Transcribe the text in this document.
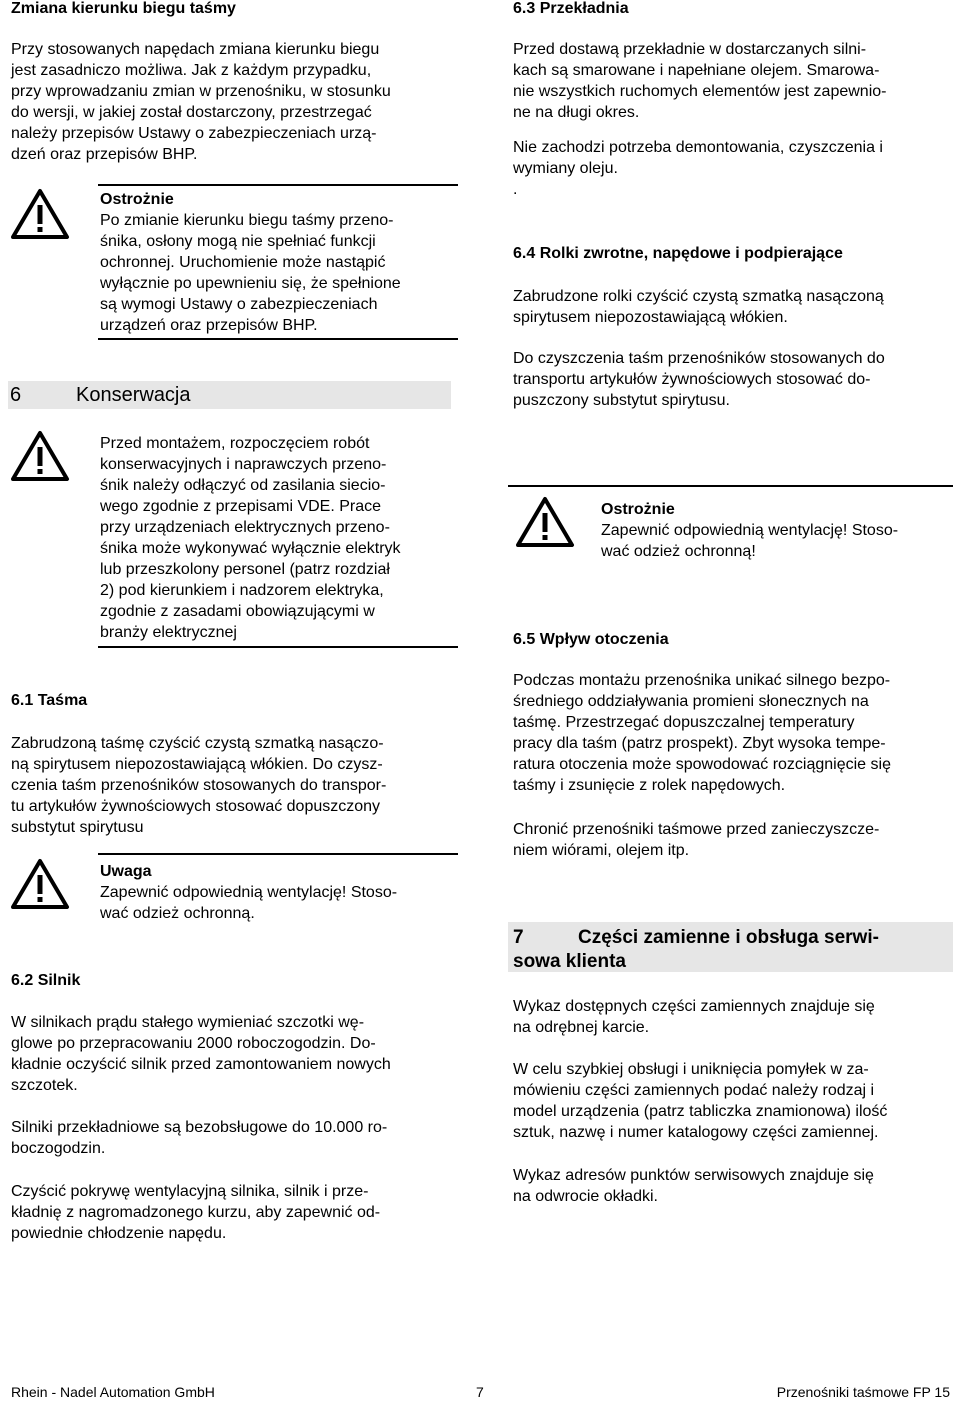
Zmiana kierunku biegu taśmy

Przy stosowanych napędach zmiana kierunku biegu

jest zasadniczo możliwa. Jak z każdym przypadku,

przy wprowadzaniu zmian w przenośniku, w stosunku

do wersji, w jakiej został dostarczony, przestrzegać

należy przepisów Ustawy o zabezpieczeniach urzą-

dzeń oraz przepisów BHP.

Ostrożnie

Po zmianie kierunku biegu taśmy przeno-

śnika, osłony mogą nie spełniać funkcji

ochronnej. Uruchomienie może nastąpić

wyłącznie po upewnieniu się, że spełnione

są wymogi Ustawy o zabezpieczeniach

urządzeń oraz przepisów BHP.

6	Konserwacja

Przed montażem, rozpoczęciem robót

konserwacyjnych i naprawczych przeno-

śnik należy odłączyć od zasilania siecio-

wego zgodnie z przepisami VDE. Prace

przy urządzeniach elektrycznych przeno-

śnika może wykonywać wyłącznie elektryk

lub przeszkolony personel (patrz rozdział

2) pod kierunkiem i nadzorem elektryka,

zgodnie z zasadami obowiązującymi w

branży elektrycznej

6.1 Taśma

Zabrudzoną taśmę czyścić czystą szmatką nasączo-

ną spirytusem niepozostawiającą włókien. Do czysz-

czenia taśm przenośników stosowanych do transpor-

tu artykułów żywnościowych stosować dopuszczony

substytut spirytusu

Uwaga

Zapewnić odpowiednią wentylację! Stoso-

wać odzież ochronną.

6.2 Silnik

W silnikach prądu stałego wymieniać szczotki wę-

glowe po przepracowaniu 2000 roboczogodzin. Do-

kładnie oczyścić silnik przed zamontowaniem nowych

szczotek.

Silniki przekładniowe są bezobsługowe do 10.000 ro-

boczogodzin.

Czyścić pokrywę wentylacyjną silnika, silnik i prze-

kładnię z nagromadzonego kurzu, aby zapewnić od-

powiednie chłodzenie napędu.

6.3 Przekładnia

Przed dostawą przekładnie w dostarczanych silni-

kach są smarowane i napełniane olejem. Smarowa-

nie wszystkich ruchomych elementów jest zapewnio-

ne na długi okres.

Nie zachodzi potrzeba demontowania, czyszczenia i

wymiany oleju.

.

6.4 Rolki zwrotne, napędowe i podpierające

Zabrudzone rolki czyścić czystą szmatką nasączoną

spirytusem niepozostawiającą włókien.

Do czyszczenia taśm przenośników stosowanych do

transportu artykułów żywnościowych stosować do-

puszczony substytut spirytusu.

Ostrożnie

Zapewnić odpowiednią wentylację! Stoso-

wać odzież ochronną!

6.5 Wpływ otoczenia

Podczas montażu przenośnika unikać silnego bezpo-

średniego oddziaływania promieni słonecznych na

taśmę. Przestrzegać dopuszczalnej temperatury

pracy dla taśm (patrz prospekt). Zbyt wysoka tempe-

ratura otoczenia może spowodować rozciągnięcie się

taśmy i zsunięcie z rolek napędowych.

Chronić przenośniki taśmowe przed zanieczyszcze-

niem wiórami, olejem itp.

7	Części zamienne i obsługa serwi-
sowa klienta

Wykaz dostępnych części zamiennych znajduje się

na odrębnej karcie.

W celu szybkiej obsługi i uniknięcia pomyłek w za-

mówieniu części zamiennych podać należy rodzaj i

model urządzenia (patrz tabliczka znamionowa) ilość

sztuk, nazwę i numer katalogowy części zamiennej.

Wykaz adresów punktów serwisowych znajduje się

na odwrocie okładki.

Rhein - Nadel Automation GmbH	7	Przenośniki taśmowe FP 15
